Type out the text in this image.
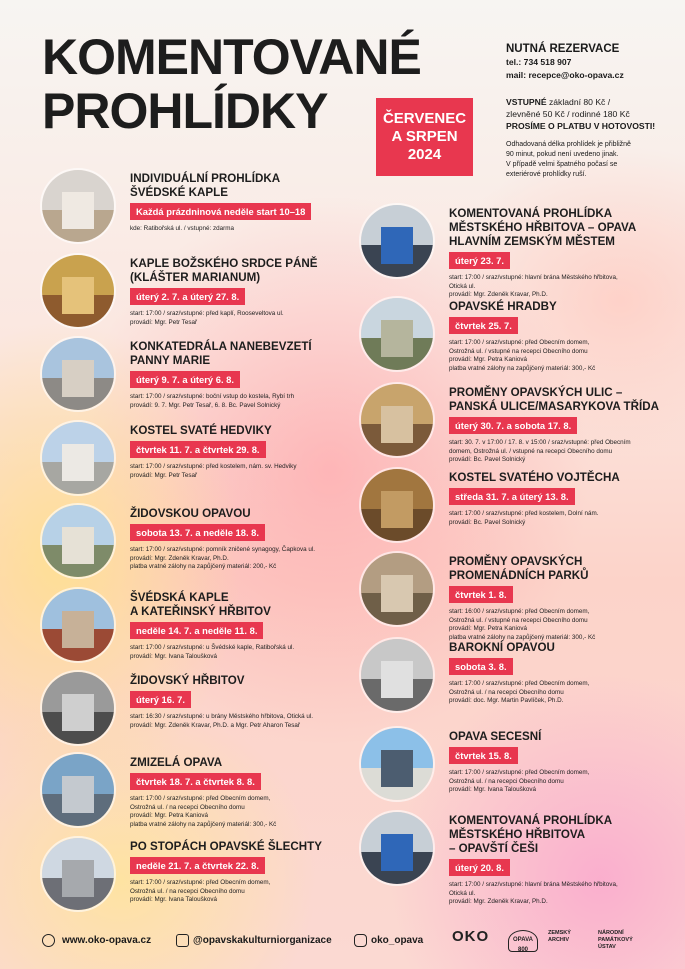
KOMENTOVANÉ
PROHLÍDKY	ČERVENEC
A SRPEN
2024
NUTNÁ REZERVACE
tel.: 734 518 907
mail: recepce@oko-opava.cz
VSTUPNÉ základní 80 Kč /
zlevněné 50 Kč / rodinné 180 Kč
PROSÍME O PLATBU V HOTOVOSTI!
Odhadovaná délka prohlídek je přibližně
90 minut, pokud není uvedeno jinak.
V případě velmi špatného počasí se
exteriérové prohlídky ruší.
INDIVIDUÁLNÍ PROHLÍDKA
ŠVÉDSKÉ KAPLE
Každá prázdninová neděle start 10–18
kde: Ratibořská ul. / vstupné: zdarma
KAPLE BOŽSKÉHO SRDCE PÁNĚ
(KLÁŠTER MARIANUM)
úterý 2. 7. a úterý 27. 8.
start: 17:00 / sraz/vstupné: před kaplí, Rooseveltova ul.
provádí: Mgr. Petr Tesař
KONKATEDRÁLA NANEBEVZETÍ
PANNY MARIE
úterý 9. 7. a úterý 6. 8.
start: 17:00 / sraz/vstupné: boční vstup do kostela, Rybí trh
provádí: 9. 7. Mgr. Petr Tesař, 6. 8. Bc. Pavel Solnický
KOSTEL SVATÉ HEDVIKY
čtvrtek 11. 7. a čtvrtek 29. 8.
start: 17:00 / sraz/vstupné: před kostelem, nám. sv. Hedviky
provádí: Mgr. Petr Tesař
ŽIDOVSKOU OPAVOU
sobota 13. 7. a neděle 18. 8.
start: 17:00 / sraz/vstupné: pomník zničené synagogy, Čapkova ul.
provádí: Mgr. Zdeněk Kravar, Ph.D.
platba vratné zálohy na zapůjčený materiál: 200,- Kč
ŠVÉDSKÁ KAPLE
A KATEŘINSKÝ HŘBITOV
neděle 14. 7. a neděle 11. 8.
start: 17:00 / sraz/vstupné: u Švédské kaple, Ratibořská ul.
provádí: Mgr. Ivana Taloušková
ŽIDOVSKÝ HŘBITOV
úterý 16. 7.
start: 16:30 / sraz/vstupné: u brány Městského hřbitova, Otická ul.
provádí: Mgr. Zdeněk Kravar, Ph.D. a Mgr. Petr Aharon Tesař
ZMIZELÁ OPAVA
čtvrtek 18. 7. a čtvrtek 8. 8.
start: 17:00 / sraz/vstupné: před Obecním domem,
Ostrožná ul. / na recepci Obecního domu
provádí: Mgr. Petra Kaniová
platba vratné zálohy na zapůjčený materiál: 300,- Kč
PO STOPÁCH OPAVSKÉ ŠLECHTY
neděle 21. 7. a čtvrtek 22. 8.
start: 17:00 / sraz/vstupné: před Obecním domem,
Ostrožná ul. / na recepci Obecního domu
provádí: Mgr. Ivana Taloušková
KOMENTOVANÁ PROHLÍDKA
MĚSTSKÉHO HŘBITOVA – OPAVA
HLAVNÍM ZEMSKÝM MĚSTEM
úterý 23. 7.
start: 17:00 / sraz/vstupné: hlavní brána Městského hřbitova,
Otická ul.
provádí: Mgr. Zdeněk Kravar, Ph.D.
OPAVSKÉ HRADBY
čtvrtek 25. 7.
start: 17:00 / sraz/vstupné: před Obecním domem,
Ostrožná ul. / vstupné na recepci Obecního domu
provádí: Mgr. Petra Kaniová
platba vratné zálohy na zapůjčený materiál: 300,- Kč
PROMĚNY OPAVSKÝCH ULIC –
PANSKÁ ULICE/MASARYKOVA TŘÍDA
úterý 30. 7. a sobota 17. 8.
start: 30. 7. v 17:00 / 17. 8. v 15:00 / sraz/vstupné: před Obecním
domem, Ostrožná ul. / vstupné na recepci Obecního domu
provádí: Bc. Pavel Solnický
KOSTEL SVATÉHO VOJTĚCHA
středa 31. 7. a úterý 13. 8.
start: 17:00 / sraz/vstupné: před kostelem, Dolní nám.
provádí: Bc. Pavel Solnický
PROMĚNY OPAVSKÝCH
PROMENÁDNÍCH PARKŮ
čtvrtek 1. 8.
start: 16:00 / sraz/vstupné: před Obecním domem,
Ostrožná ul. / vstupné na recepci Obecního domu
provádí: Mgr. Petra Kaniová
platba vratné zálohy na zapůjčený materiál: 300,- Kč
BAROKNÍ OPAVOU
sobota 3. 8.
start: 17:00 / sraz/vstupné: před Obecním domem,
Ostrožná ul. / na recepci Obecního domu
provádí: doc. Mgr. Martin Pavlíček, Ph.D.
OPAVA SECESNÍ
čtvrtek 15. 8.
start: 17:00 / sraz/vstupné: před Obecním domem,
Ostrožná ul. / na recepci Obecního domu
provádí: Mgr. Ivana Taloušková
KOMENTOVANÁ PROHLÍDKA
MĚSTSKÉHO HŘBITOVA
– OPAVŠTÍ ČEŠI
úterý 20. 8.
start: 17:00 / sraz/vstupné: hlavní brána Městského hřbitova,
Otická ul.
provádí: Mgr. Zdeněk Kravar, Ph.D.
www.oko-opava.cz	@opavskakulturniorganizace	oko_opava OKO	OPAVA 800
ZEMSKÝ ARCHIV
NÁRODNÍ PAMÁTKOVÝ ÚSTAV
